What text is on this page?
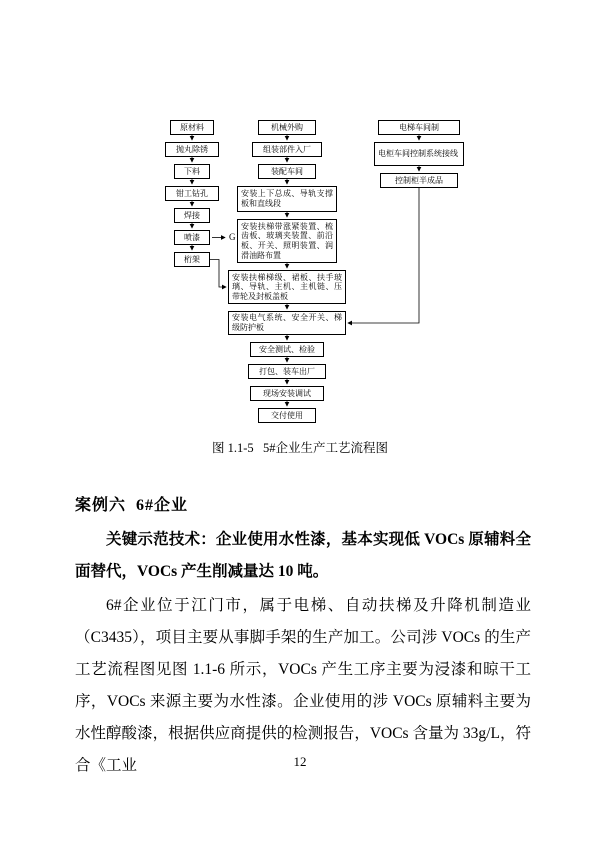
原材料
抛丸除锈
下料
钳工钻孔
焊接
喷漆
桁架
G
机械外购
组装部件入厂
装配车间
安装上下总成、导轨支撑板和直线段
安装扶梯带涨紧装置、梳齿板、玻璃夹装置、前沿板、开关、照明装置、润滑油路布置
安装扶梯梯级、裙板、扶手玻璃、导轨、主机、主机链、压带轮及封板盖板
安装电气系统、安全开关、梯级防护板
安全测试、检验
打包、装车出厂
现场安装调试
交付使用
电梯车间制
电柜车间控制系统接线
控制柜半成品
图 1.1-5   5#企业生产工艺流程图
案例六  6#企业

关键示范技术：企业使用水性漆，基本实现低 VOCs 原辅料全面替代，VOCs 产生削减量达 10 吨。

6#企业位于江门市，属于电梯、自动扶梯及升降机制造业（C3435），项目主要从事脚手架的生产加工。公司涉 VOCs 的生产工艺流程图见图 1.1-6 所示，VOCs 产生工序主要为浸漆和晾干工序，VOCs 来源主要为水性漆。企业使用的涉 VOCs 原辅料主要为水性醇酸漆，根据供应商提供的检测报告，VOCs 含量为 33g/L，符合《工业	12
